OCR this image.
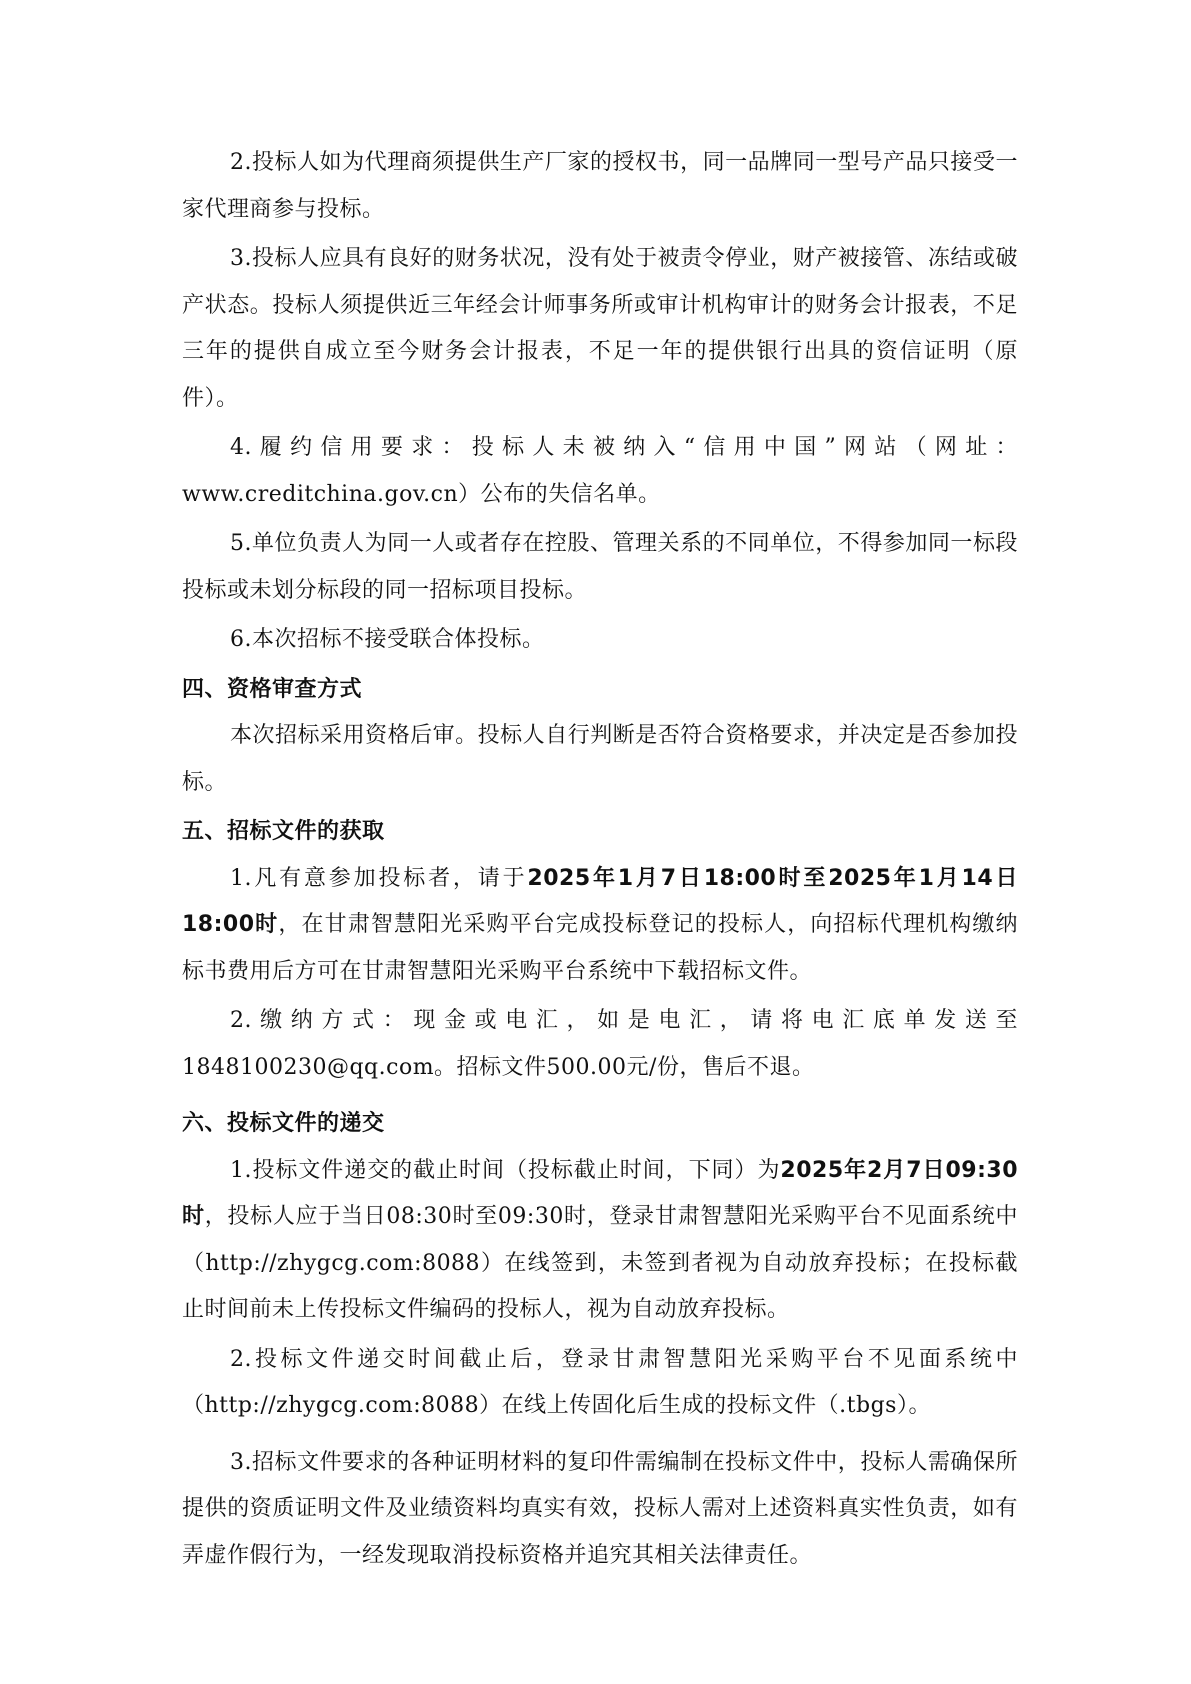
2.投标人如为代理商须提供生产厂家的授权书，同一品牌同一型号产品只接受一家代理商参与投标。

3.投标人应具有良好的财务状况，没有处于被责令停业，财产被接管、冻结或破产状态。投标人须提供近三年经会计师事务所或审计机构审计的财务会计报表，不足三年的提供自成立至今财务会计报表，不足一年的提供银行出具的资信证明（原件）。

4.履约信用要求：投标人未被纳入“信用中国”网站（网址：www.creditchina.gov.cn）公布的失信名单。

5.单位负责人为同一人或者存在控股、管理关系的不同单位，不得参加同一标段投标或未划分标段的同一招标项目投标。

6.本次招标不接受联合体投标。

四、资格审查方式

本次招标采用资格后审。投标人自行判断是否符合资格要求，并决定是否参加投标。

五、招标文件的获取

1.凡有意参加投标者，请于2025年1月7日18:00时至2025年1月14日18:00时，在甘肃智慧阳光采购平台完成投标登记的投标人，向招标代理机构缴纳标书费用后方可在甘肃智慧阳光采购平台系统中下载招标文件。

2.缴纳方式：现金或电汇，如是电汇，请将电汇底单发送至1848100230@qq.com。招标文件500.00元/份，售后不退。

六、投标文件的递交

1.投标文件递交的截止时间（投标截止时间，下同）为2025年2月7日09:30时，投标人应于当日08:30时至09:30时，登录甘肃智慧阳光采购平台不见面系统中（http://zhygcg.com:8088）在线签到，未签到者视为自动放弃投标；在投标截止时间前未上传投标文件编码的投标人，视为自动放弃投标。

2.投标文件递交时间截止后，登录甘肃智慧阳光采购平台不见面系统中（http://zhygcg.com:8088）在线上传固化后生成的投标文件（.tbgs）。

3.招标文件要求的各种证明材料的复印件需编制在投标文件中，投标人需确保所提供的资质证明文件及业绩资料均真实有效，投标人需对上述资料真实性负责，如有弄虚作假行为，一经发现取消投标资格并追究其相关法律责任。
